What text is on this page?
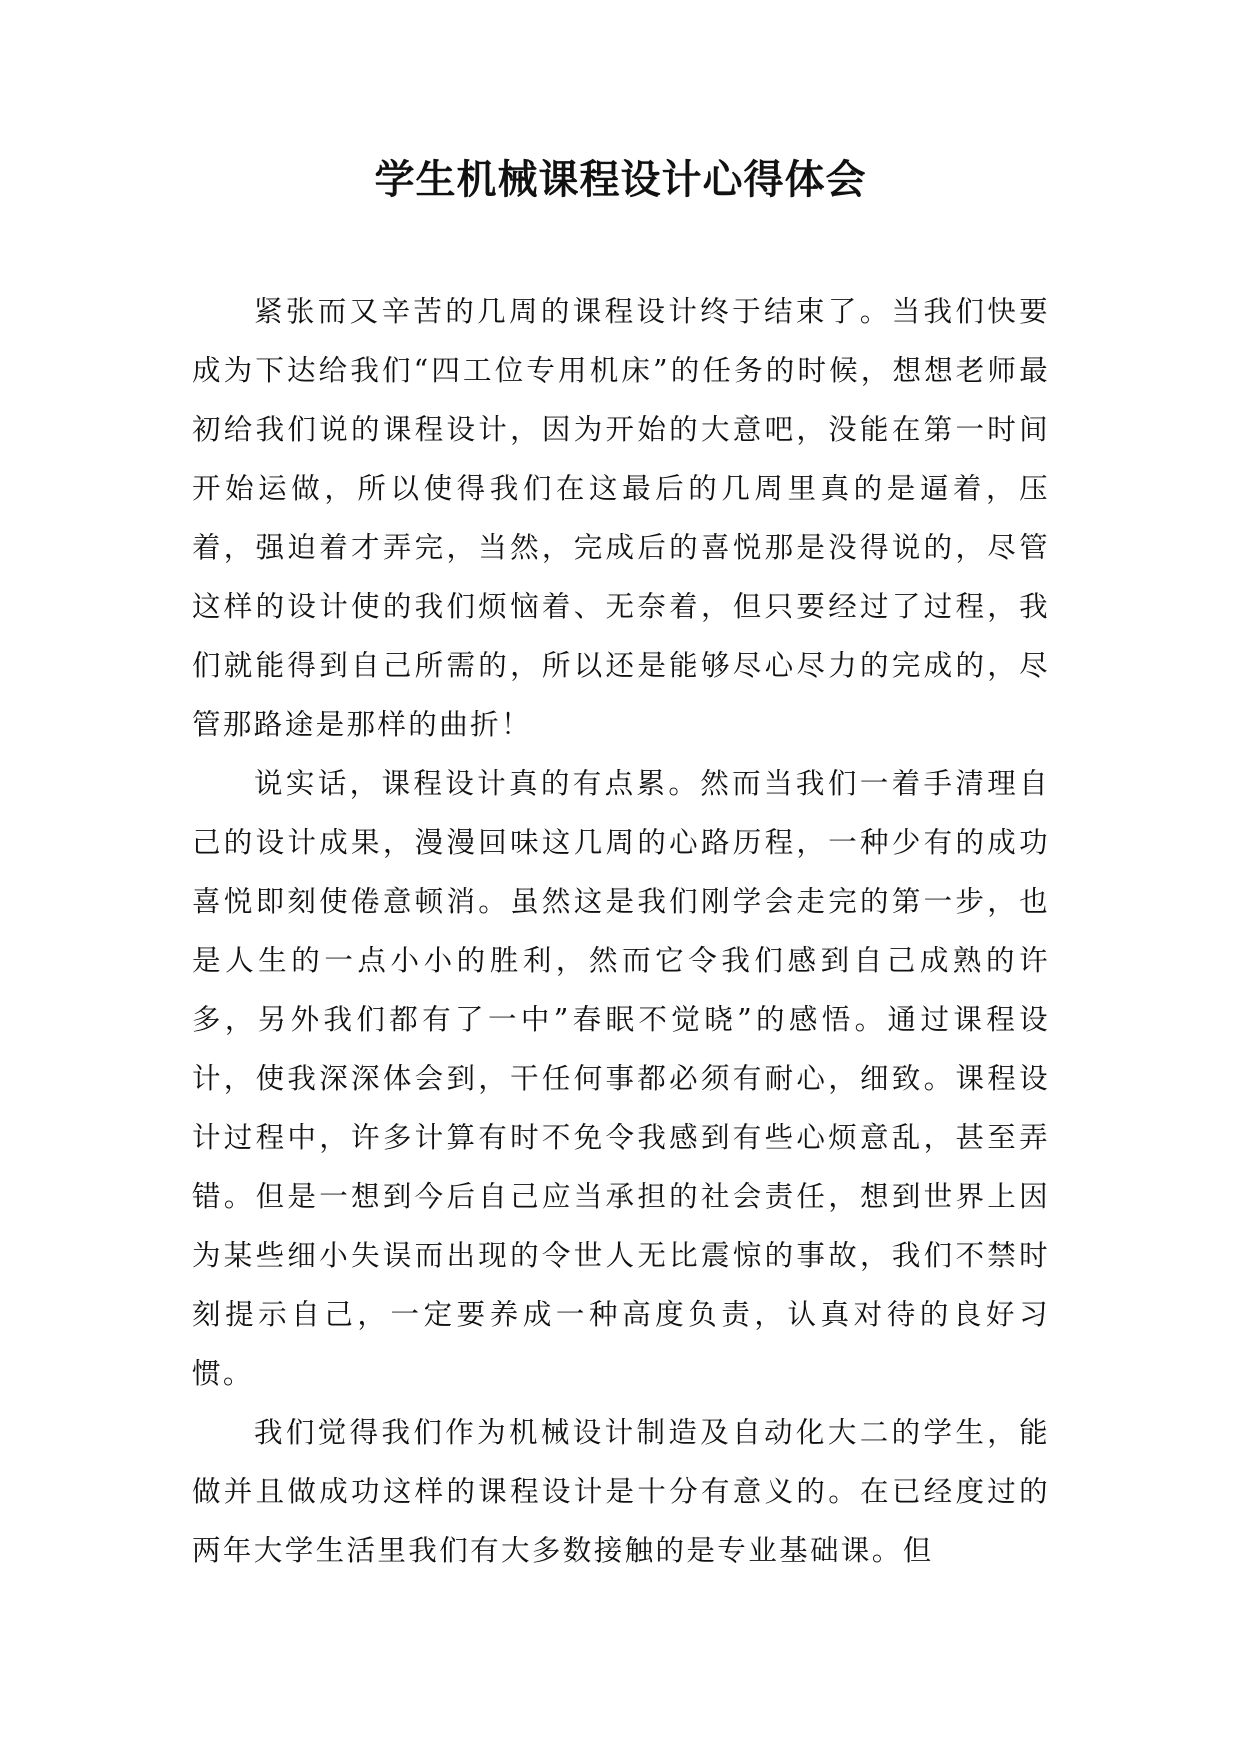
学生机械课程设计心得体会

紧张而又辛苦的几周的课程设计终于结束了。当我们快要成为下达给我们“四工位专用机床”的任务的时候，想想老师最初给我们说的课程设计，因为开始的大意吧，没能在第一时间开始运做，所以使得我们在这最后的几周里真的是逼着，压着，强迫着才弄完，当然，完成后的喜悦那是没得说的，尽管这样的设计使的我们烦恼着、无奈着，但只要经过了过程，我们就能得到自己所需的，所以还是能够尽心尽力的完成的，尽管那路途是那样的曲折！

说实话，课程设计真的有点累。然而当我们一着手清理自己的设计成果，漫漫回味这几周的心路历程，一种少有的成功喜悦即刻使倦意顿消。虽然这是我们刚学会走完的第一步，也是人生的一点小小的胜利，然而它令我们感到自己成熟的许多，另外我们都有了一中”春眠不觉晓”的感悟。通过课程设计，使我深深体会到，干任何事都必须有耐心，细致。课程设计过程中，许多计算有时不免令我感到有些心烦意乱，甚至弄错。但是一想到今后自己应当承担的社会责任，想到世界上因为某些细小失误而出现的令世人无比震惊的事故，我们不禁时刻提示自己，一定要养成一种高度负责，认真对待的良好习惯。

我们觉得我们作为机械设计制造及自动化大二的学生，能做并且做成功这样的课程设计是十分有意义的。在已经度过的两年大学生活里我们有大多数接触的是专业基础课。但
